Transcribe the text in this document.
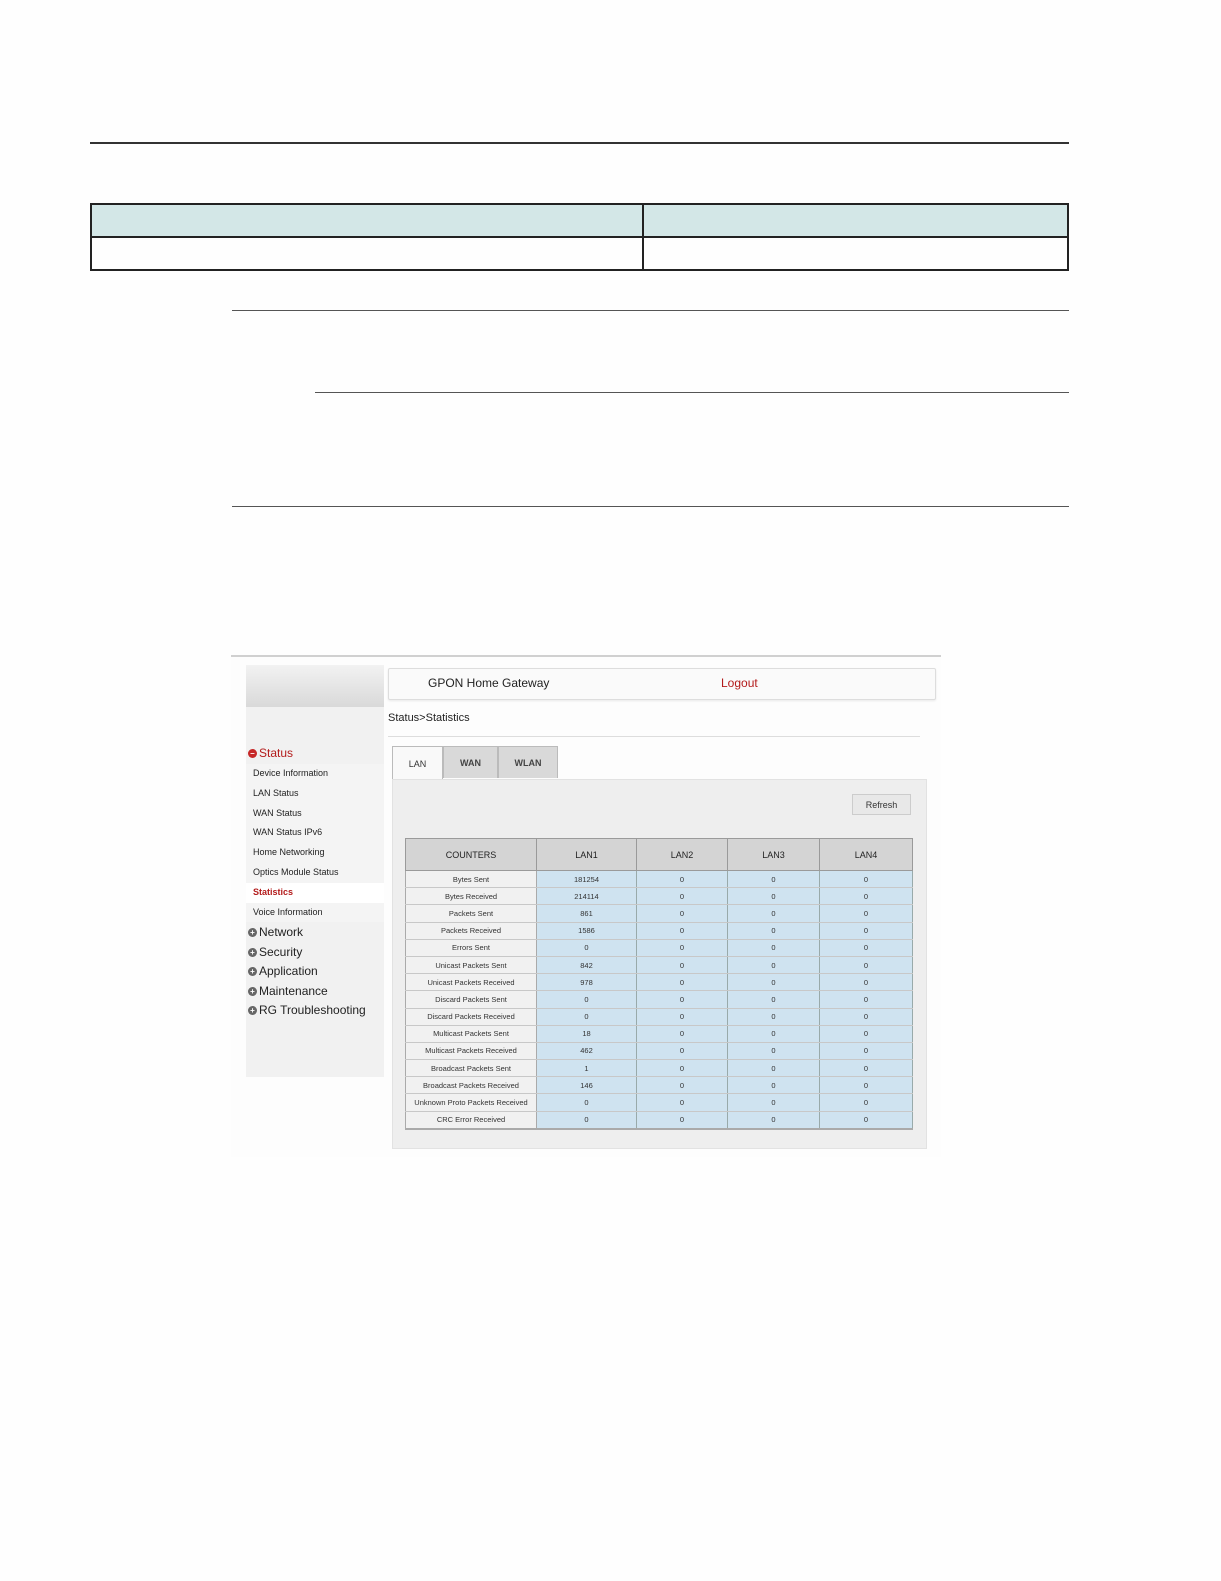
– Status
Device Information
LAN Status
WAN Status
WAN Status IPv6
Home Networking
Optics Module Status
Statistics
Voice Information
+ Network
+ Security
+ Application
+ Maintenance
+ RG Troubleshooting
GPON Home Gateway	Logout
Status>Statistics
LAN	WAN	WLAN
Refresh
COUNTERS	LAN1	LAN2	LAN3	LAN4
Bytes Sent	181254	0	0	0
Bytes Received	214114	0	0	0
Packets Sent	861	0	0	0
Packets Received	1586	0	0	0
Errors Sent	0	0	0	0
Unicast Packets Sent	842	0	0	0
Unicast Packets Received	978	0	0	0
Discard Packets Sent	0	0	0	0
Discard Packets Received	0	0	0	0
Multicast Packets Sent	18	0	0	0
Multicast Packets Received	462	0	0	0
Broadcast Packets Sent	1	0	0	0
Broadcast Packets Received	146	0	0	0
Unknown Proto Packets Received	0	0	0	0
CRC Error Received	0	0	0	0
